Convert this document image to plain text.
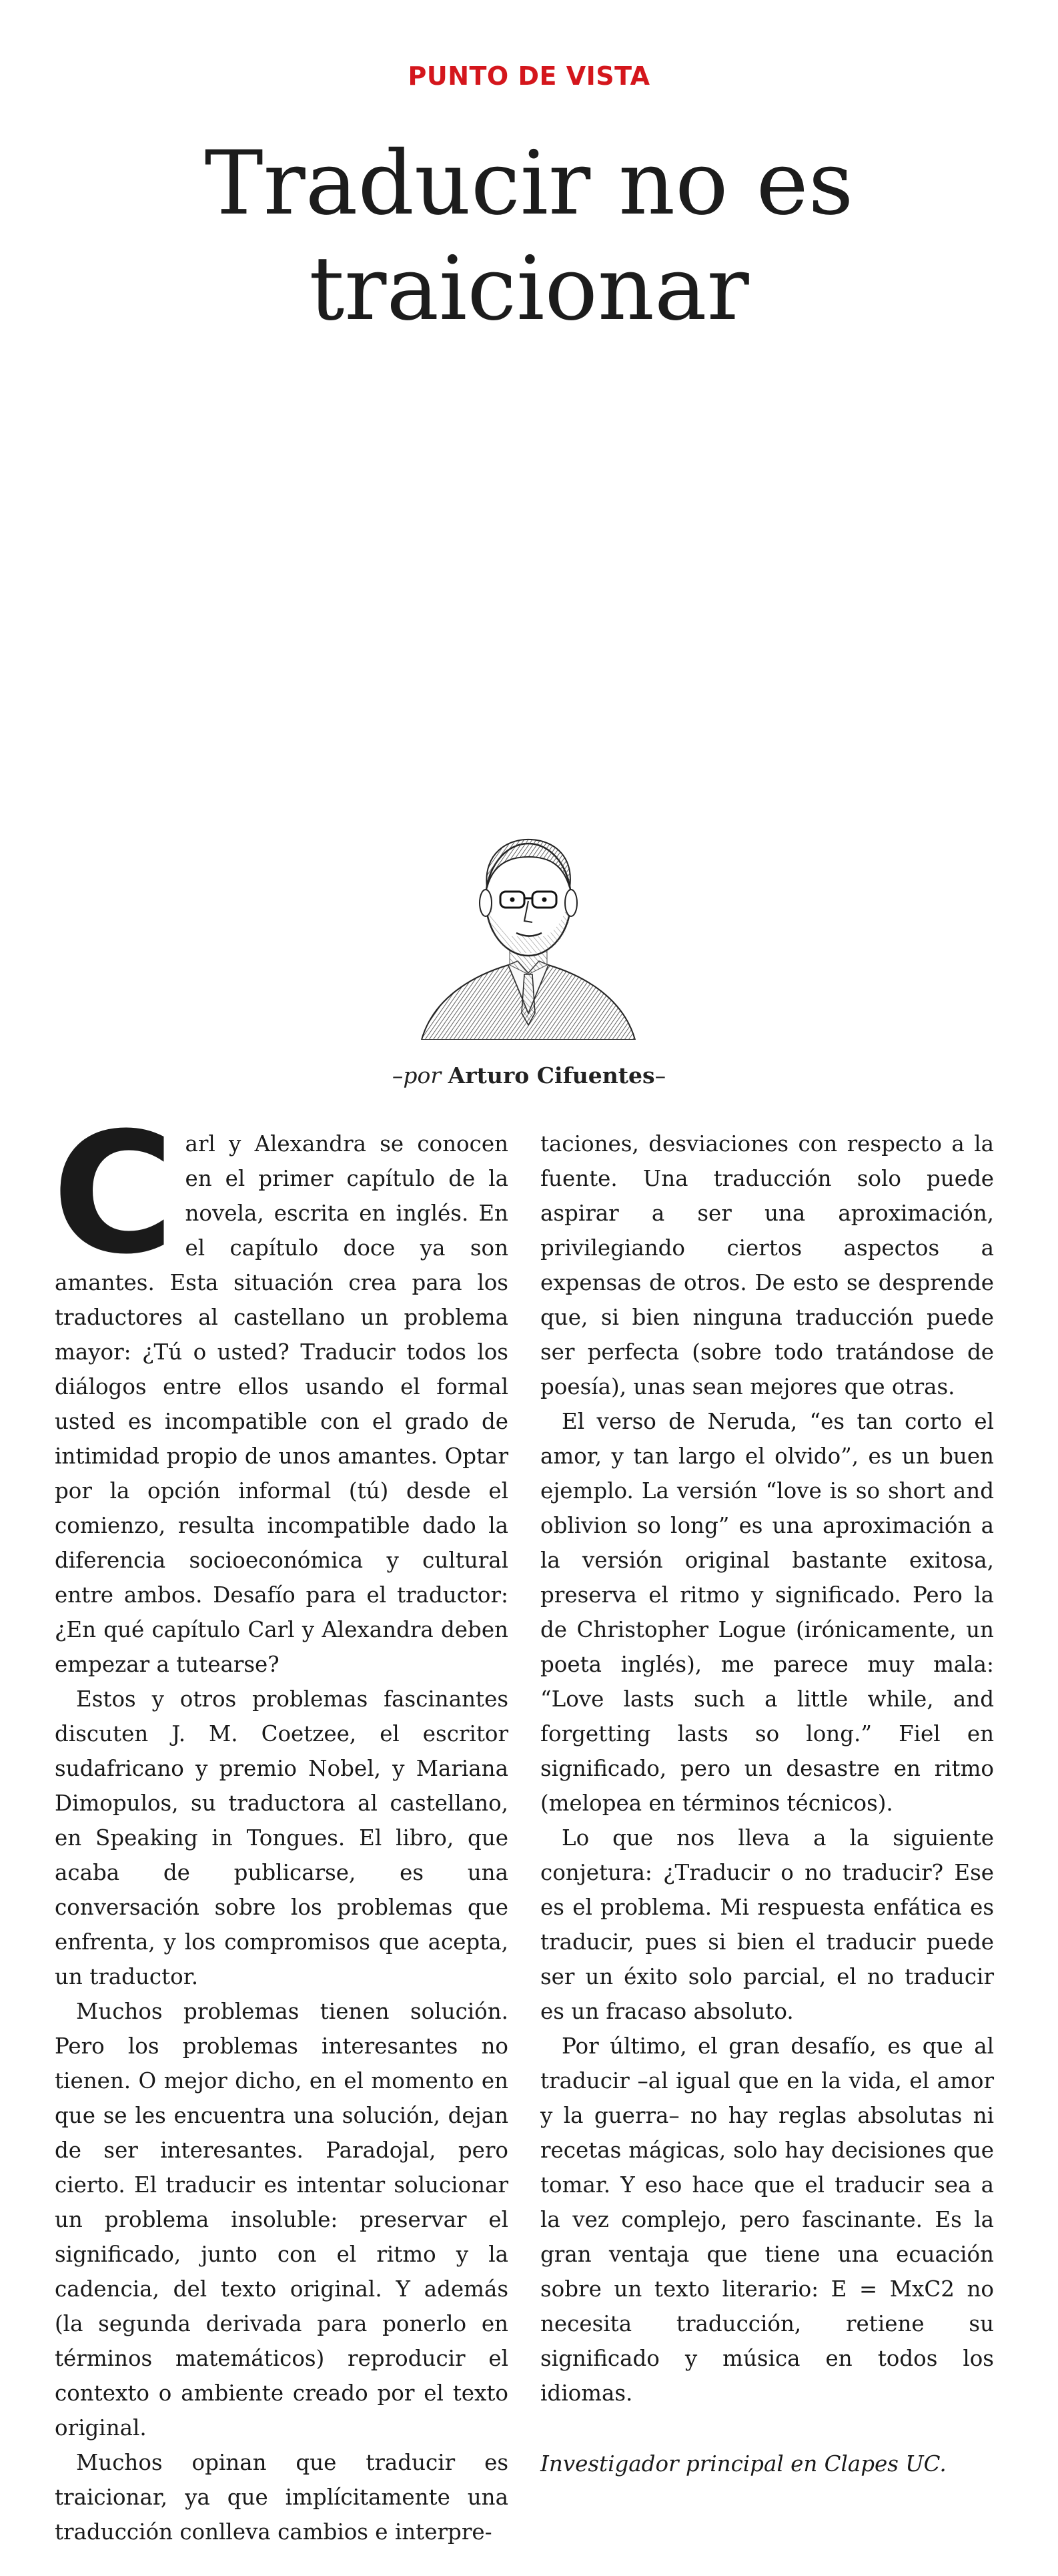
PUNTO DE VISTA
Traducir no es traicionar
–por Arturo Cifuentes–

Carl y Alexandra se conocen en el primer capítulo de la novela, escrita en inglés. En el capítulo doce ya son amantes. Esta situación crea para los traductores al castellano un problema mayor: ¿Tú o usted? Traducir todos los diálogos entre ellos usando el formal usted es incompatible con el grado de intimidad propio de unos amantes. Optar por la opción informal (tú) desde el comienzo, resulta incompatible dado la diferencia socioeconómica y cultural entre ambos. Desafío para el traductor: ¿En qué capítulo Carl y Alexandra deben empezar a tutearse?

Estos y otros problemas fascinantes discuten J. M. Coetzee, el escritor sudafricano y premio Nobel, y Mariana Dimopulos, su traductora al castellano, en Speaking in Tongues. El libro, que acaba de publicarse, es una conversación sobre los problemas que enfrenta, y los compromisos que acepta, un traductor.

Muchos problemas tienen solución. Pero los problemas interesantes no tienen. O mejor dicho, en el momento en que se les encuentra una solución, dejan de ser interesantes. Paradojal, pero cierto. El traducir es intentar solucionar un problema insoluble: preservar el significado, junto con el ritmo y la cadencia, del texto original. Y además (la segunda derivada para ponerlo en términos matemáticos) reproducir el contexto o ambiente creado por el texto original.

Muchos opinan que traducir es traicionar, ya que implícitamente una traducción conlleva cambios e interpre-

taciones, desviaciones con respecto a la fuente. Una traducción solo puede aspirar a ser una aproximación, privilegiando ciertos aspectos a expensas de otros. De esto se desprende que, si bien ninguna traducción puede ser perfecta (sobre todo tratándose de poesía), unas sean mejores que otras.

El verso de Neruda, “es tan corto el amor, y tan largo el olvido”, es un buen ejemplo. La versión “love is so short and oblivion so long” es una aproximación a la versión original bastante exitosa, preserva el ritmo y significado. Pero la de Christopher Logue (irónicamente, un poeta inglés), me parece muy mala: “Love lasts such a little while, and forgetting lasts so long.” Fiel en significado, pero un desastre en ritmo (melopea en términos técnicos).

Lo que nos lleva a la siguiente conjetura: ¿Traducir o no traducir? Ese es el problema. Mi respuesta enfática es traducir, pues si bien el traducir puede ser un éxito solo parcial, el no traducir es un fracaso absoluto.

Por último, el gran desafío, es que al traducir –al igual que en la vida, el amor y la guerra– no hay reglas absolutas ni recetas mágicas, solo hay decisiones que tomar. Y eso hace que el traducir sea a la vez complejo, pero fascinante. Es la gran ventaja que tiene una ecuación sobre un texto literario: E = MxC2 no necesita traducción, retiene su significado y música en todos los idiomas.

Investigador principal en Clapes UC.
